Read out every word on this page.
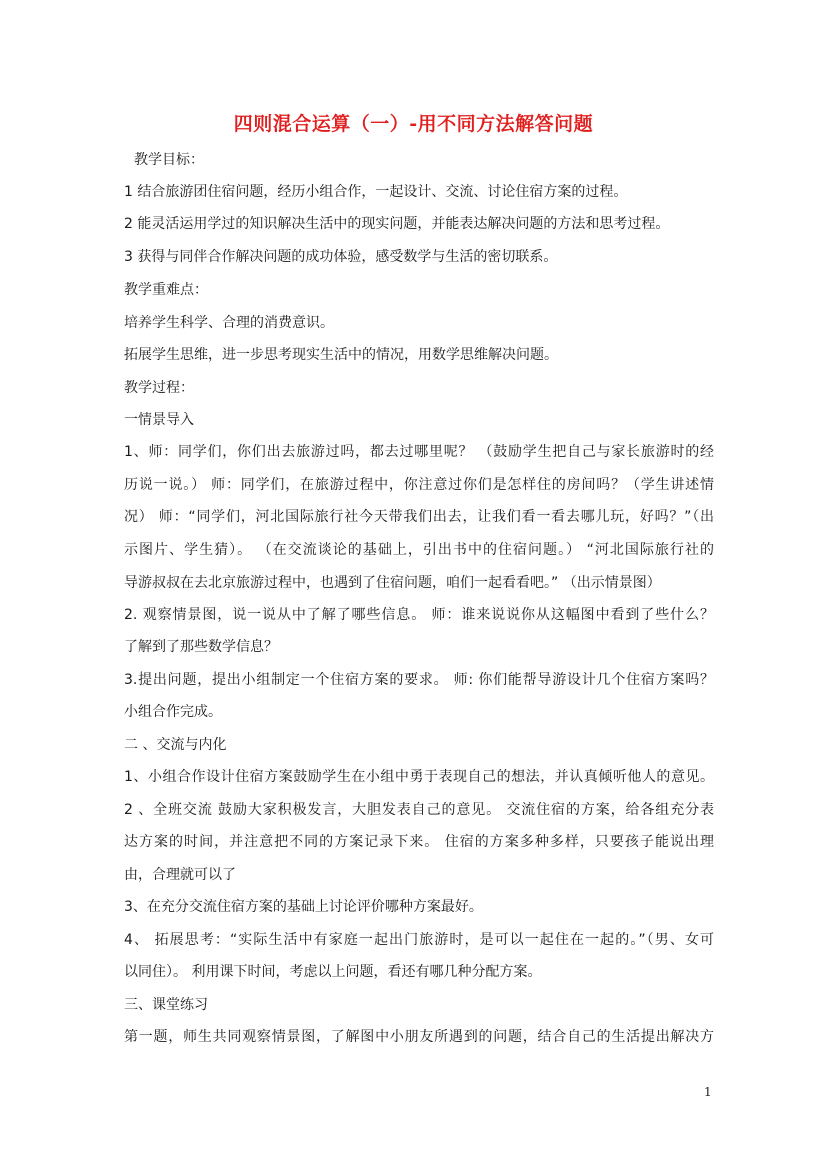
四则混合运算（一）-用不同方法解答问题
教学目标：
1 结合旅游团住宿问题，经历小组合作，一起设计、交流、讨论住宿方案的过程。
2 能灵活运用学过的知识解决生活中的现实问题，并能表达解决问题的方法和思考过程。
3 获得与同伴合作解决问题的成功体验，感受数学与生活的密切联系。
教学重难点：
培养学生科学、合理的消费意识。
拓展学生思维，进一步思考现实生活中的情况，用数学思维解决问题。
教学过程：
一情景导入
1、师：同学们，你们出去旅游过吗，都去过哪里呢？ （鼓励学生把自己与家长旅游时的经
历说一说。） 师：同学们，在旅游过程中，你注意过你们是怎样住的房间吗？（学生讲述情
况） 师：“同学们，河北国际旅行社今天带我们出去，让我们看一看去哪儿玩，好吗？”（出
示图片、学生猜）。 （在交流谈论的基础上，引出书中的住宿问题。） “河北国际旅行社的
导游叔叔在去北京旅游过程中，也遇到了住宿问题，咱们一起看看吧。” （出示情景图）
2. 观察情景图，说一说从中了解了哪些信息。 师：谁来说说你从这幅图中看到了些什么？
了解到了那些数学信息？
3.提出问题，提出小组制定一个住宿方案的要求。 师: 你们能帮导游设计几个住宿方案吗？
小组合作完成。
二 、交流与内化
1、小组合作设计住宿方案鼓励学生在小组中勇于表现自己的想法，并认真倾听他人的意见。
2 、全班交流 鼓励大家积极发言，大胆发表自己的意见。 交流住宿的方案，给各组充分表
达方案的时间，并注意把不同的方案记录下来。 住宿的方案多种多样，只要孩子能说出理
由，合理就可以了
3、在充分交流住宿方案的基础上讨论评价哪种方案最好。
4、 拓展思考：“实际生活中有家庭一起出门旅游时，是可以一起住在一起的。”（男、女可
以同住）。 利用课下时间，考虑以上问题，看还有哪几种分配方案。
三、课堂练习
第一题，师生共同观察情景图，了解图中小朋友所遇到的问题，结合自己的生活提出解决方
1
